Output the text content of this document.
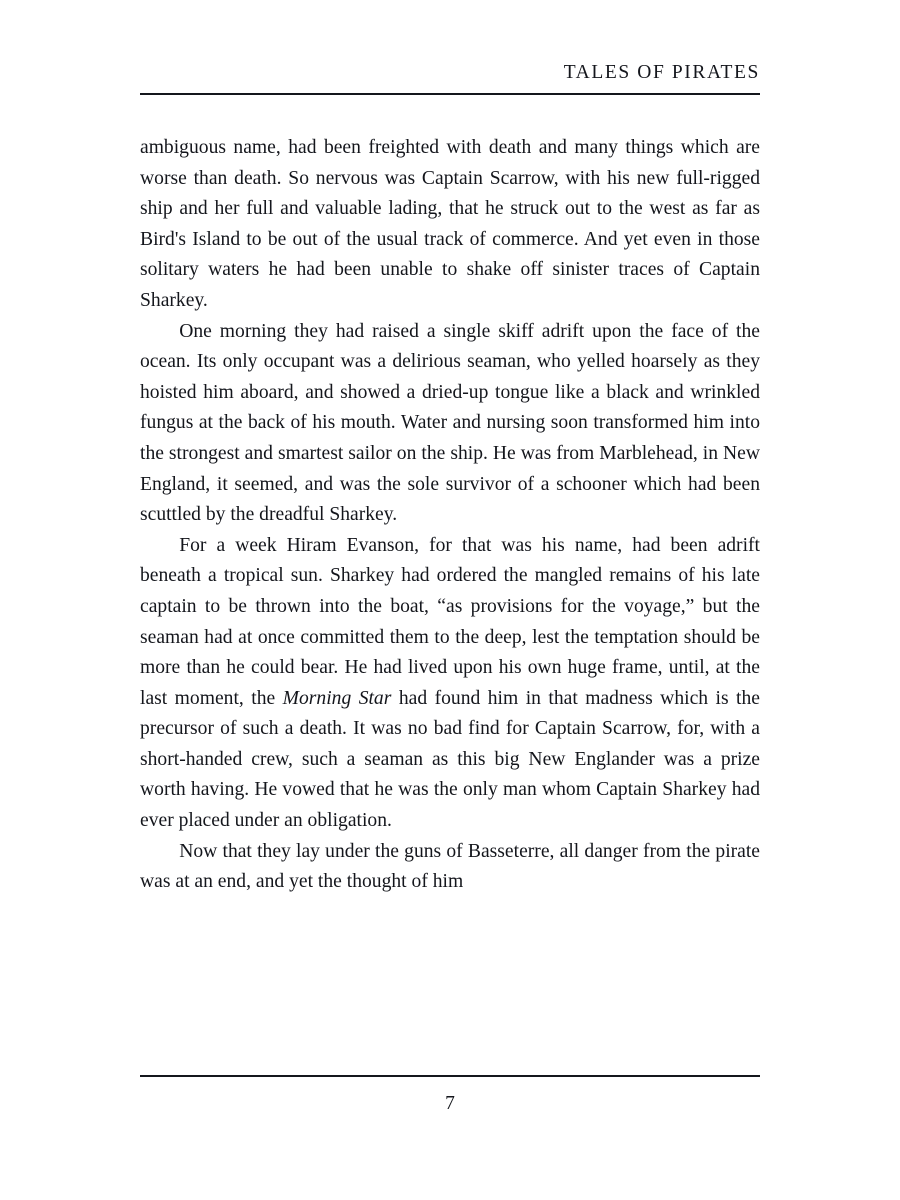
TALES OF PIRATES

ambiguous name, had been freighted with death and many things which are worse than death. So nervous was Captain Scarrow, with his new full-rigged ship and her full and valuable lading, that he struck out to the west as far as Bird's Island to be out of the usual track of commerce. And yet even in those solitary waters he had been unable to shake off sinister traces of Captain Sharkey.

One morning they had raised a single skiff adrift upon the face of the ocean. Its only occupant was a delirious seaman, who yelled hoarsely as they hoisted him aboard, and showed a dried-up tongue like a black and wrinkled fungus at the back of his mouth. Water and nursing soon transformed him into the strongest and smartest sailor on the ship. He was from Marblehead, in New England, it seemed, and was the sole survivor of a schooner which had been scuttled by the dreadful Sharkey.

For a week Hiram Evanson, for that was his name, had been adrift beneath a tropical sun. Sharkey had ordered the mangled remains of his late captain to be thrown into the boat, “as provisions for the voyage,” but the seaman had at once committed them to the deep, lest the temptation should be more than he could bear. He had lived upon his own huge frame, until, at the last moment, the Morning Star had found him in that madness which is the precursor of such a death. It was no bad find for Captain Scarrow, for, with a short-handed crew, such a seaman as this big New Englander was a prize worth having. He vowed that he was the only man whom Captain Sharkey had ever placed under an obligation.

Now that they lay under the guns of Basseterre, all danger from the pirate was at an end, and yet the thought of him

7
